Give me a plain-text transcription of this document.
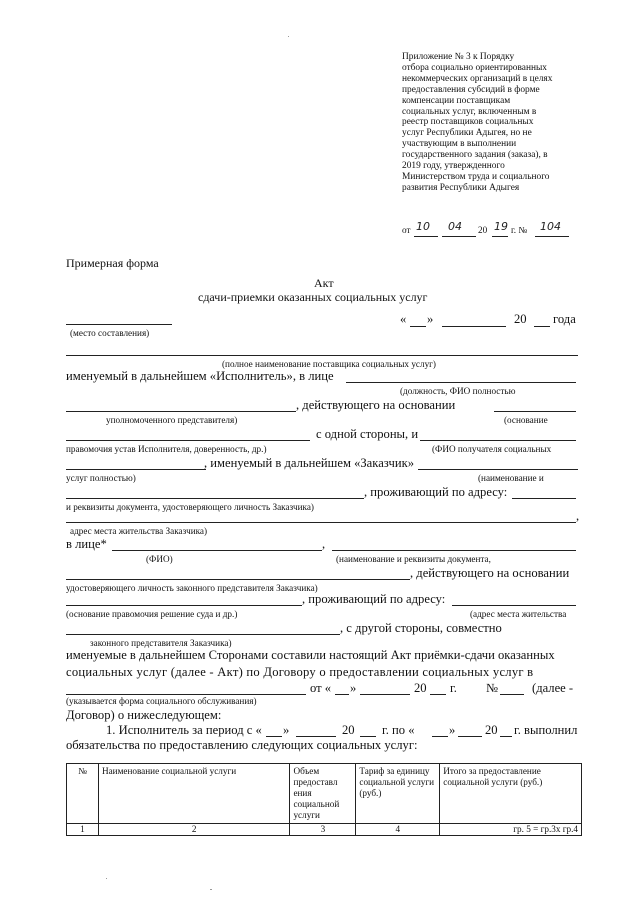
Приложение № 3 к Порядку
отбора социально ориентированных
некоммерческих организаций в целях
предоставления субсидий в форме
компенсации поставщикам
социальных услуг, включенным в
реестр поставщиков социальных
услуг Республики Адыгея, но не
участвующим в выполнении
государственного задания (заказа), в
2019 году, утвержденного
Министерством труда и социального
развития Республики Адыгея
от 10 04 20 19 г. № 104
Примерная форма
Акт
сдачи-приемки оказанных социальных услуг
(место составления)
« »	20 года
(полное наименование поставщика социальных услуг)
именуемый в дальнейшем «Исполнитель», в лице
(должность, ФИО полностью
, действующего на основании
уполномоченного представителя)	(основание
с одной стороны, и
правомочия устав Исполнителя, доверенность, др.)	(ФИО получателя социальных
, именуемый в дальнейшем «Заказчик»
услуг полностью)	(наименование и
, проживающий по адресу:
и реквизиты документа, удостоверяющего личность Заказчика)
,
адрес места жительства Заказчика)
в лице*	,
(ФИО)	(наименование и реквизиты документа,
, действующего на основании
удостоверяющего личность законного представителя Заказчика)
, проживающий по адресу:
(основание правомочия решение суда и др.)	(адрес места жительства
, с другой стороны, совместно
законного представителя Заказчика)
именуемые в дальнейшем Сторонами составили настоящий Акт приёмки-сдачи оказанных
социальных услуг (далее - Акт) по Договору о предоставлении социальных услуг в
от « »	20 г. №	(далее -
(указывается форма социального обслуживания)
Договор) о нижеследующем:
1. Исполнитель за период с « »	20 г. по «	» 20 г. выполнил
обязательства по предоставлению следующих социальных услуг:
№	Наименование социальной услуги	Объем предоставл ения социальной услуги	Тариф за единицу социальной услуги (руб.)	Итого за предоставление социальной услуги (руб.)
1	2	3	4	гр. 5 = гр.3х гр.4
